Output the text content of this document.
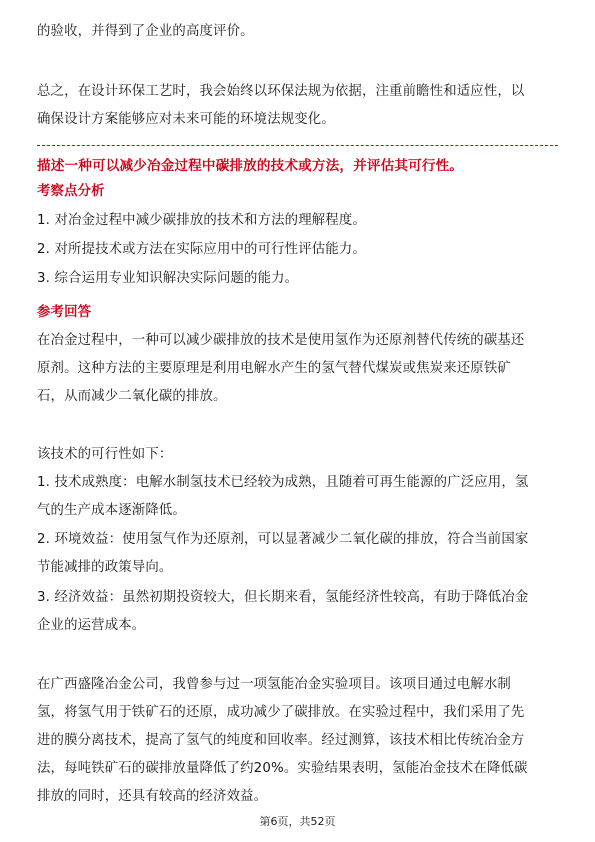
的验收，并得到了企业的高度评价。
总之，在设计环保工艺时，我会始终以环保法规为依据，注重前瞻性和适应性，以
确保设计方案能够应对未来可能的环境法规变化。
描述一种可以减少冶金过程中碳排放的技术或方法，并评估其可行性。
考察点分析
1. 对冶金过程中减少碳排放的技术和方法的理解程度。
2. 对所提技术或方法在实际应用中的可行性评估能力。
3. 综合运用专业知识解决实际问题的能力。
参考回答
在冶金过程中，一种可以减少碳排放的技术是使用氢作为还原剂替代传统的碳基还
原剂。这种方法的主要原理是利用电解水产生的氢气替代煤炭或焦炭来还原铁矿
石，从而减少二氧化碳的排放。
该技术的可行性如下：
1. 技术成熟度：电解水制氢技术已经较为成熟，且随着可再生能源的广泛应用，氢
气的生产成本逐渐降低。
2. 环境效益：使用氢气作为还原剂，可以显著减少二氧化碳的排放，符合当前国家
节能减排的政策导向。
3. 经济效益：虽然初期投资较大，但长期来看，氢能经济性较高，有助于降低冶金
企业的运营成本。
在广西盛隆冶金公司，我曾参与过一项氢能冶金实验项目。该项目通过电解水制
氢，将氢气用于铁矿石的还原，成功减少了碳排放。在实验过程中，我们采用了先
进的膜分离技术，提高了氢气的纯度和回收率。经过测算，该技术相比传统冶金方
法，每吨铁矿石的碳排放量降低了约20%。实验结果表明，氢能冶金技术在降低碳
排放的同时，还具有较高的经济效益。
第6页，共52页
